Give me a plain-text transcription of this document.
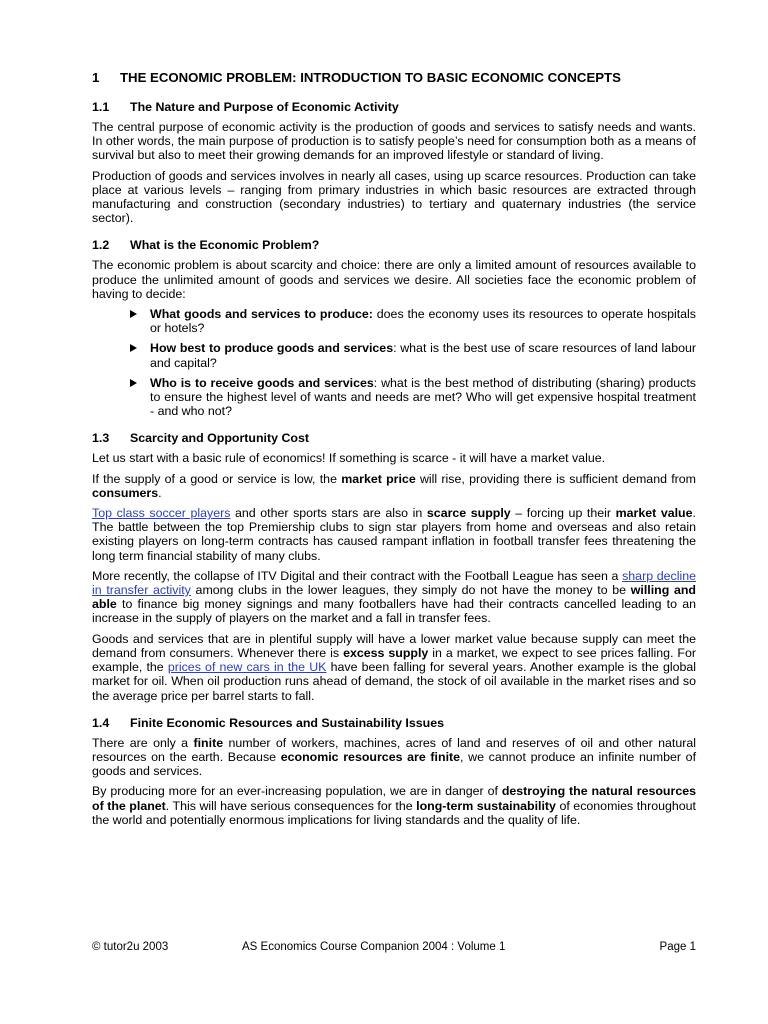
1	THE ECONOMIC PROBLEM: INTRODUCTION TO BASIC ECONOMIC CONCEPTS
1.1	The Nature and Purpose of Economic Activity

The central purpose of economic activity is the production of goods and services to satisfy needs and wants. In other words, the main purpose of production is to satisfy people’s need for consumption both as a means of survival but also to meet their growing demands for an improved lifestyle or standard of living.

Production of goods and services involves in nearly all cases, using up scarce resources. Production can take place at various levels – ranging from primary industries in which basic resources are extracted through manufacturing and construction (secondary industries) to tertiary and quaternary industries (the service sector).

1.2	What is the Economic Problem?

The economic problem is about scarcity and choice: there are only a limited amount of resources available to produce the unlimited amount of goods and services we desire. All societies face the economic problem of having to decide:

What goods and services to produce: does the economy uses its resources to operate hospitals or hotels?
How best to produce goods and services: what is the best use of scare resources of land labour and capital?
Who is to receive goods and services: what is the best method of distributing (sharing) products to ensure the highest level of wants and needs are met? Who will get expensive hospital treatment - and who not?
1.3	Scarcity and Opportunity Cost

Let us start with a basic rule of economics! If something is scarce - it will have a market value.

If the supply of a good or service is low, the market price will rise, providing there is sufficient demand from consumers.

Top class soccer players and other sports stars are also in scarce supply – forcing up their market value. The battle between the top Premiership clubs to sign star players from home and overseas and also retain existing players on long-term contracts has caused rampant inflation in football transfer fees threatening the long term financial stability of many clubs.

More recently, the collapse of ITV Digital and their contract with the Football League has seen a sharp decline in transfer activity among clubs in the lower leagues, they simply do not have the money to be willing and able to finance big money signings and many footballers have had their contracts cancelled leading to an increase in the supply of players on the market and a fall in transfer fees.

Goods and services that are in plentiful supply will have a lower market value because supply can meet the demand from consumers. Whenever there is excess supply in a market, we expect to see prices falling. For example, the prices of new cars in the UK have been falling for several years. Another example is the global market for oil. When oil production runs ahead of demand, the stock of oil available in the market rises and so the average price per barrel starts to fall.

1.4	Finite Economic Resources and Sustainability Issues

There are only a finite number of workers, machines, acres of land and reserves of oil and other natural resources on the earth. Because economic resources are finite, we cannot produce an infinite number of goods and services.

By producing more for an ever-increasing population, we are in danger of destroying the natural resources of the planet. This will have serious consequences for the long-term sustainability of economies throughout the world and potentially enormous implications for living standards and the quality of life.

© tutor2u 2003	AS Economics Course Companion 2004 : Volume 1	Page 1
